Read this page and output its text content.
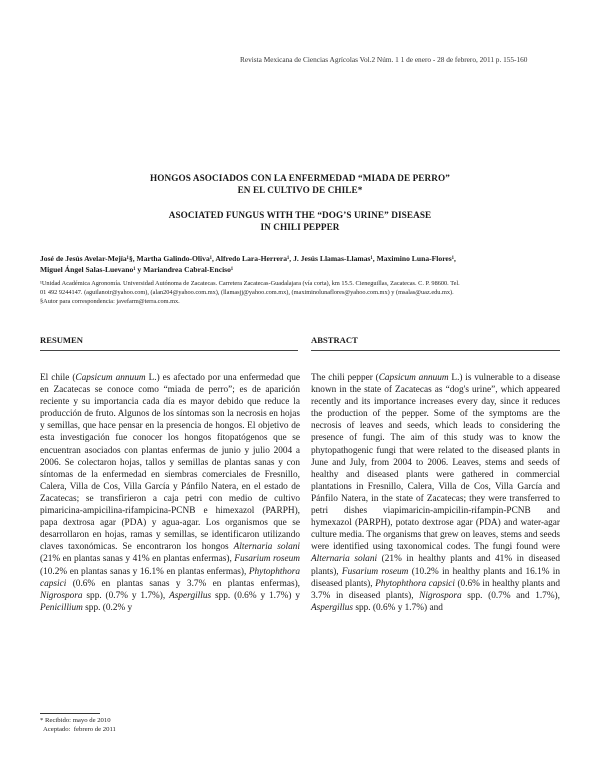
Revista Mexicana de Ciencias Agrícolas Vol.2 Núm. 1 1 de enero - 28 de febrero, 2011 p. 155-160
HONGOS ASOCIADOS CON LA ENFERMEDAD “MIADA DE PERRO”
EN EL CULTIVO DE CHILE*
ASOCIATED FUNGUS WITH THE “DOG’S URINE” DISEASE
IN CHILI PEPPER
José de Jesús Avelar-Mejía¹§, Martha Galindo-Oliva¹, Alfredo Lara-Herrera¹, J. Jesús Llamas-Llamas¹, Maximino Luna-Flores¹,
Miguel Ángel Salas-Luevano¹ y Mariandrea Cabral-Enciso¹
¹Unidad Académica Agronomía. Universidad Autónoma de Zacatecas. Carretera Zacatecas-Guadalajara (vía corta), km 15.5. Cieneguillas, Zacatecas. C. P. 98600. Tel.
01 492 9244147. (aguilanoir@yahoo.com), (alan204@yahoo.com.mx), (llamasjj@yahoo.com.mx), (maximinolunaflores@yahoo.com.mx) y (msalas@uaz.edu.mx).
§Autor para correspondencia: javefarm@terra.com.mx.
RESUMEN

El chile (Capsicum annuum L.) es afectado por una enfermedad que en Zacatecas se conoce como “miada de perro”; es de aparición reciente y su importancia cada día es mayor debido que reduce la producción de fruto. Algunos de los síntomas son la necrosis en hojas y semillas, que hace pensar en la presencia de hongos. El objetivo de esta investigación fue conocer los hongos fitopatógenos que se encuentran asociados con plantas enfermas de junio y julio 2004 a 2006. Se colectaron hojas, tallos y semillas de plantas sanas y con síntomas de la enfermedad en siembras comerciales de Fresnillo, Calera, Villa de Cos, Villa García y Pánfilo Natera, en el estado de Zacatecas; se transfirieron a caja petri con medio de cultivo pimaricina-ampicilina-rifampicina-PCNB e himexazol (PARPH), papa dextrosa agar (PDA) y agua-agar. Los organismos que se desarrollaron en hojas, ramas y semillas, se identificaron utilizando claves taxonómicas. Se encontraron los hongos Alternaria solani (21% en plantas sanas y 41% en plantas enfermas), Fusarium roseum (10.2% en plantas sanas y 16.1% en plantas enfermas), Phytophthora capsici (0.6% en plantas sanas y 3.7% en plantas enfermas), Nigrospora spp. (0.7% y 1.7%), Aspergillus spp. (0.6% y 1.7%) y Penicillium spp. (0.2% y

ABSTRACT

The chili pepper (Capsicum annuum L.) is vulnerable to a disease known in the state of Zacatecas as “dog's urine”, which appeared recently and its importance increases every day, since it reduces the production of the pepper. Some of the symptoms are the necrosis of leaves and seeds, which leads to considering the presence of fungi. The aim of this study was to know the phytopathogenic fungi that were related to the diseased plants in June and July, from 2004 to 2006. Leaves, stems and seeds of healthy and diseased plants were gathered in commercial plantations in Fresnillo, Calera, Villa de Cos, Villa García and Pánfilo Natera, in the state of Zacatecas; they were transferred to petri dishes viapimaricin-ampicilin-rifampin-PCNB and hymexazol (PARPH), potato dextrose agar (PDA) and water-agar culture media. The organisms that grew on leaves, stems and seeds were identified using taxonomical codes. The fungi found were Alternaria solani (21% in healthy plants and 41% in diseased plants), Fusarium roseum (10.2% in healthy plants and 16.1% in diseased plants), Phytophthora capsici (0.6% in healthy plants and 3.7% in diseased plants), Nigrospora spp. (0.7% and 1.7%), Aspergillus spp. (0.6% y 1.7%) and

* Recibido: mayo de 2010
Aceptado:  febrero de 2011
